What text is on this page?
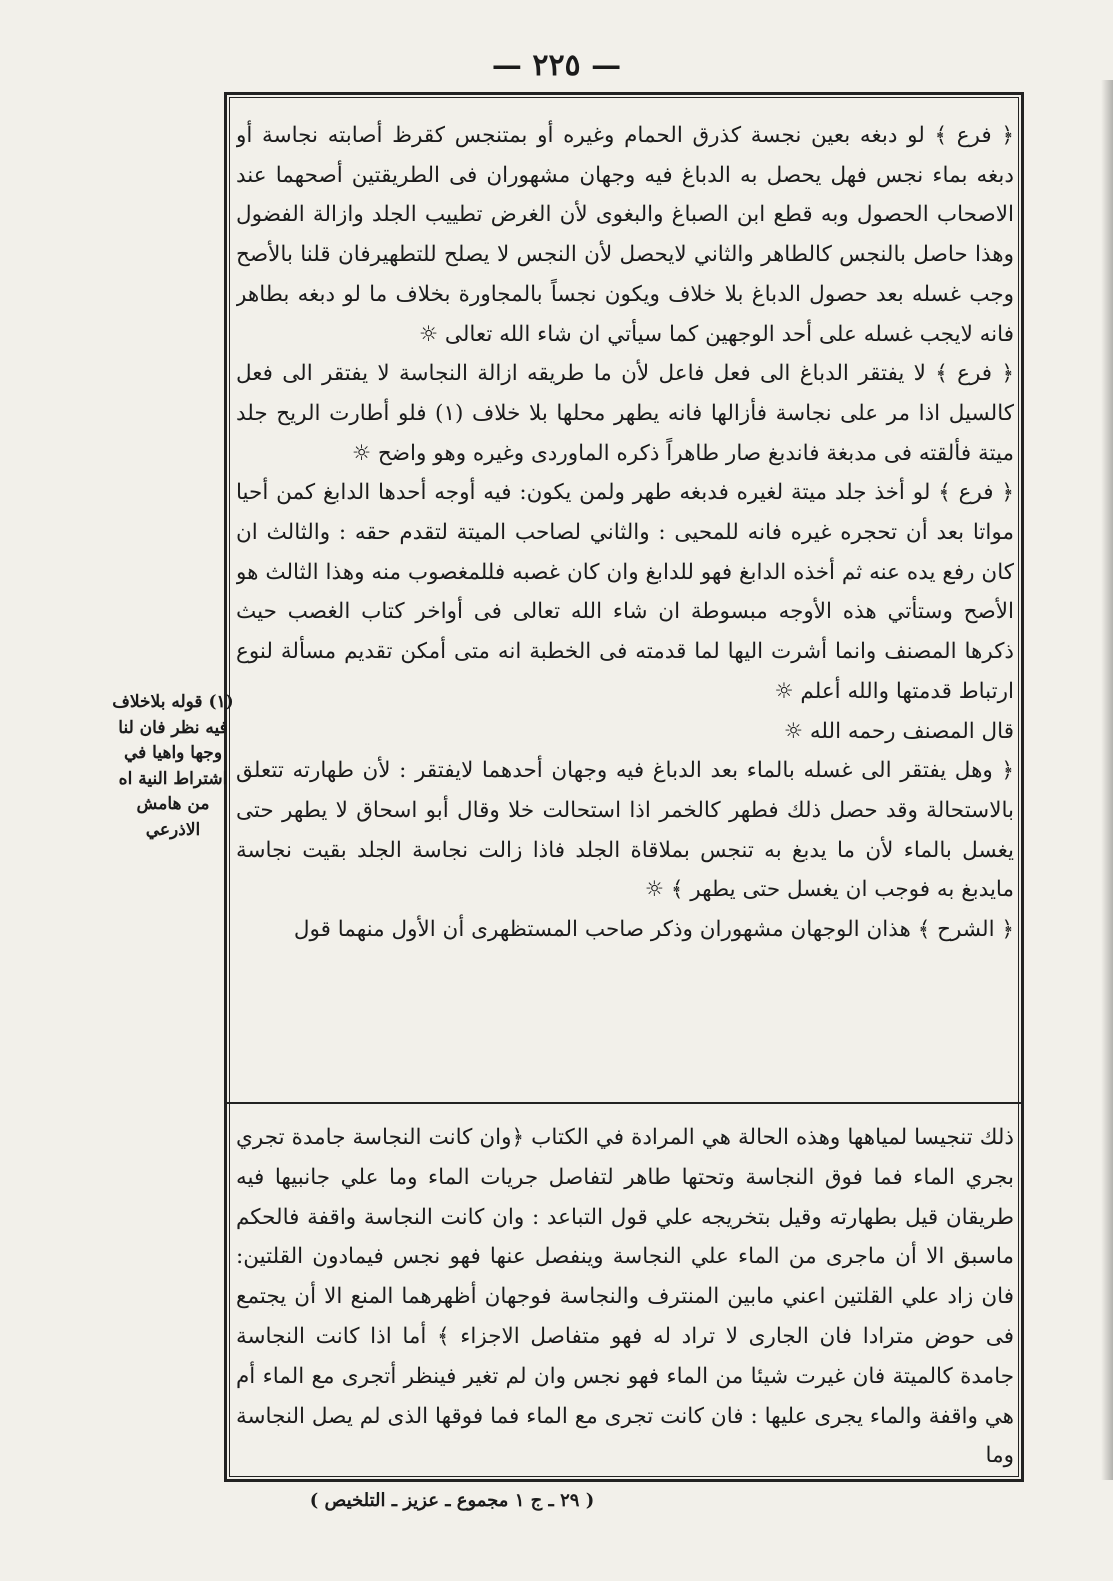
— ٢٢٥ —

﴿ فرع ﴾ لو دبغه بعين نجسة كذرق الحمام وغيره أو بمتنجس كقرظ أصابته نجاسة أو دبغه بماء نجس فهل يحصل به الدباغ فيه وجهان مشهوران فى الطريقتين أصحهما عند الاصحاب الحصول وبه قطع ابن الصباغ والبغوى لأن الغرض تطييب الجلد وازالة الفضول وهذا حاصل بالنجس كالطاهر والثاني لايحصل لأن النجس لا يصلح للتطهيرفان قلنا بالأصح وجب غسله بعد حصول الدباغ بلا خلاف ويكون نجساً بالمجاورة بخلاف ما لو دبغه بطاهر فانه لايجب غسله على أحد الوجهين كما سيأتي ان شاء الله تعالى ☼

﴿ فرع ﴾ لا يفتقر الدباغ الى فعل فاعل لأن ما طريقه ازالة النجاسة لا يفتقر الى فعل كالسيل اذا مر على نجاسة فأزالها فانه يطهر محلها بلا خلاف (١) فلو أطارت الريح جلد ميتة فألقته فى مدبغة فاندبغ صار طاهراً ذكره الماوردى وغيره وهو واضح ☼

﴿ فرع ﴾ لو أخذ جلد ميتة لغيره فدبغه طهر ولمن يكون: فيه أوجه أحدها الدابغ كمن أحيا مواتا بعد أن تحجره غيره فانه للمحيى : والثاني لصاحب الميتة لتقدم حقه : والثالث ان كان رفع يده عنه ثم أخذه الدابغ فهو للدابغ وان كان غصبه فللمغصوب منه وهذا الثالث هو الأصح وستأتي هذه الأوجه مبسوطة ان شاء الله تعالى فى أواخر كتاب الغصب حيث ذكرها المصنف وانما أشرت اليها لما قدمته فى الخطبة انه متى أمكن تقديم مسألة لنوع ارتباط قدمتها والله أعلم ☼

قال المصنف رحمه الله ☼

﴿ وهل يفتقر الى غسله بالماء بعد الدباغ فيه وجهان أحدهما لايفتقر : لأن طهارته تتعلق بالاستحالة وقد حصل ذلك فطهر كالخمر اذا استحالت خلا وقال أبو اسحاق لا يطهر حتى يغسل بالماء لأن ما يدبغ به تنجس بملاقاة الجلد فاذا زالت نجاسة الجلد بقيت نجاسة مايدبغ به فوجب ان يغسل حتى يطهر ﴾ ☼

﴿ الشرح ﴾ هذان الوجهان مشهوران وذكر صاحب المستظهرى أن الأول منهما قول

ذلك تنجيسا لمياهها وهذه الحالة هي المرادة في الكتاب ﴿وان كانت النجاسة جامدة تجري بجري الماء فما فوق النجاسة وتحتها طاهر لتفاصل جريات الماء وما علي جانبيها فيه طريقان قيل بطهارته وقيل بتخريجه علي قول التباعد : وان كانت النجاسة واقفة فالحكم ماسبق الا أن ماجرى من الماء علي النجاسة وينفصل عنها فهو نجس فيمادون القلتين: فان زاد علي القلتين اعني مابين المنترف والنجاسة فوجهان أظهرهما المنع الا أن يجتمع فى حوض مترادا فان الجارى لا تراد له فهو متفاصل الاجزاء ﴾ أما اذا كانت النجاسة جامدة كالميتة فان غيرت شيئا من الماء فهو نجس وان لم تغير فينظر أتجرى مع الماء أم هي واقفة والماء يجرى عليها : فان كانت تجرى مع الماء فما فوقها الذى لم يصل النجاسة وما

(١) قوله بلاخلاف فيه نظر فان لنا وجها واهيا في اشتراط النية اه من هامش الاذرعي
( ٢٩ ـ ج ١ مجموع ـ عزيز ـ التلخيص )
